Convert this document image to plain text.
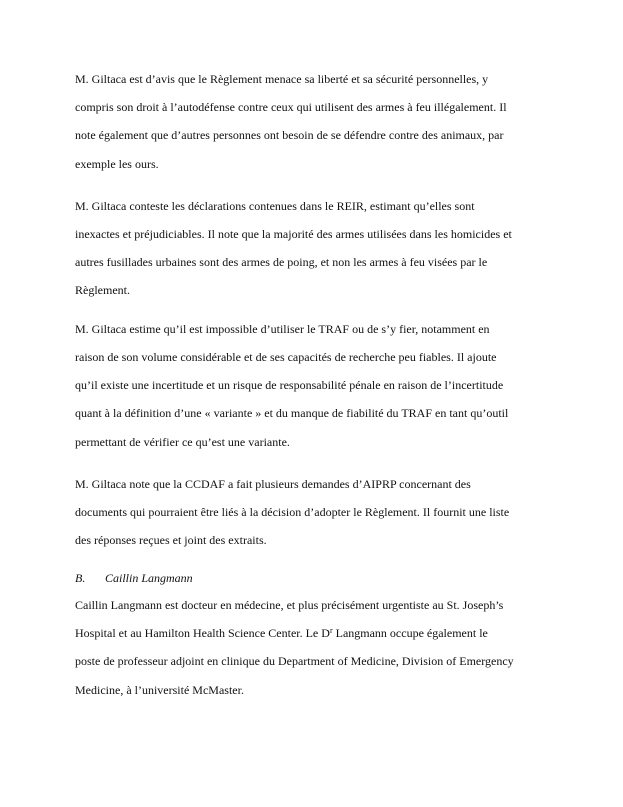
M. Giltaca est d’avis que le Règlement menace sa liberté et sa sécurité personnelles, y
compris son droit à l’autodéfense contre ceux qui utilisent des armes à feu illégalement. Il
note également que d’autres personnes ont besoin de se défendre contre des animaux, par
exemple les ours.
M. Giltaca conteste les déclarations contenues dans le REIR, estimant qu’elles sont
inexactes et préjudiciables. Il note que la majorité des armes utilisées dans les homicides et
autres fusillades urbaines sont des armes de poing, et non les armes à feu visées par le
Règlement.
M. Giltaca estime qu’il est impossible d’utiliser le TRAF ou de s’y fier, notamment en
raison de son volume considérable et de ses capacités de recherche peu fiables. Il ajoute
qu’il existe une incertitude et un risque de responsabilité pénale en raison de l’incertitude
quant à la définition d’une « variante » et du manque de fiabilité du TRAF en tant qu’outil
permettant de vérifier ce qu’est une variante.
M. Giltaca note que la CCDAF a fait plusieurs demandes d’AIPRP concernant des
documents qui pourraient être liés à la décision d’adopter le Règlement. Il fournit une liste
des réponses reçues et joint des extraits.
B. Caillin Langmann
Caillin Langmann est docteur en médecine, et plus précisément urgentiste au St. Joseph’s
Hospital et au Hamilton Health Science Center. Le $D^r$ Langmann occupe également le
poste de professeur adjoint en clinique du Department of Medicine, Division of Emergency
Medicine, à l’université McMaster.
